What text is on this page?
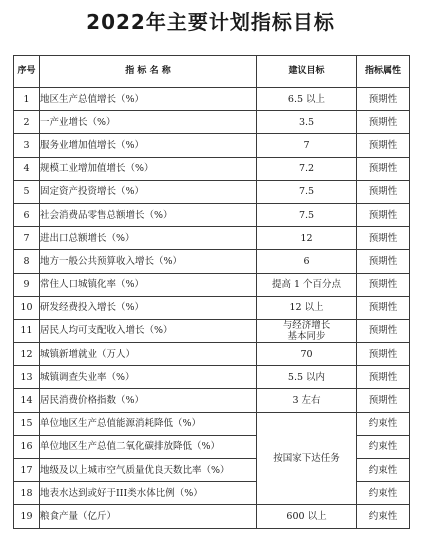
2022年主要计划指标目标
序号	指 标 名 称	建议目标	指标属性
1	地区生产总值增长（%）	6.5 以上	预期性
2	一产业增长（%）	3.5	预期性
3	服务业增加值增长（%）	7	预期性
4	规模工业增加值增长（%）	7.2	预期性
5	固定资产投资增长（%）	7.5	预期性
6	社会消费品零售总额增长（%）	7.5	预期性
7	进出口总额增长（%）	12	预期性
8	地方一般公共预算收入增长（%）	6	预期性
9	常住人口城镇化率（%）	提高 1 个百分点	预期性
10	研发经费投入增长（%）	12 以上	预期性
11	居民人均可支配收入增长（%）	与经济增长
基本同步	预期性
12	城镇新增就业（万人）	70	预期性
13	城镇调查失业率（%）	5.5 以内	预期性
14	居民消费价格指数（%）	3 左右	预期性
15	单位地区生产总值能源消耗降低（%）	按国家下达任务	约束性
16	单位地区生产总值二氧化碳排放降低（%）		约束性
17	地级及以上城市空气质量优良天数比率（%）		约束性
18	地表水达到或好于III类水体比例（%）		约束性
19	粮食产量（亿斤）	600 以上	约束性
